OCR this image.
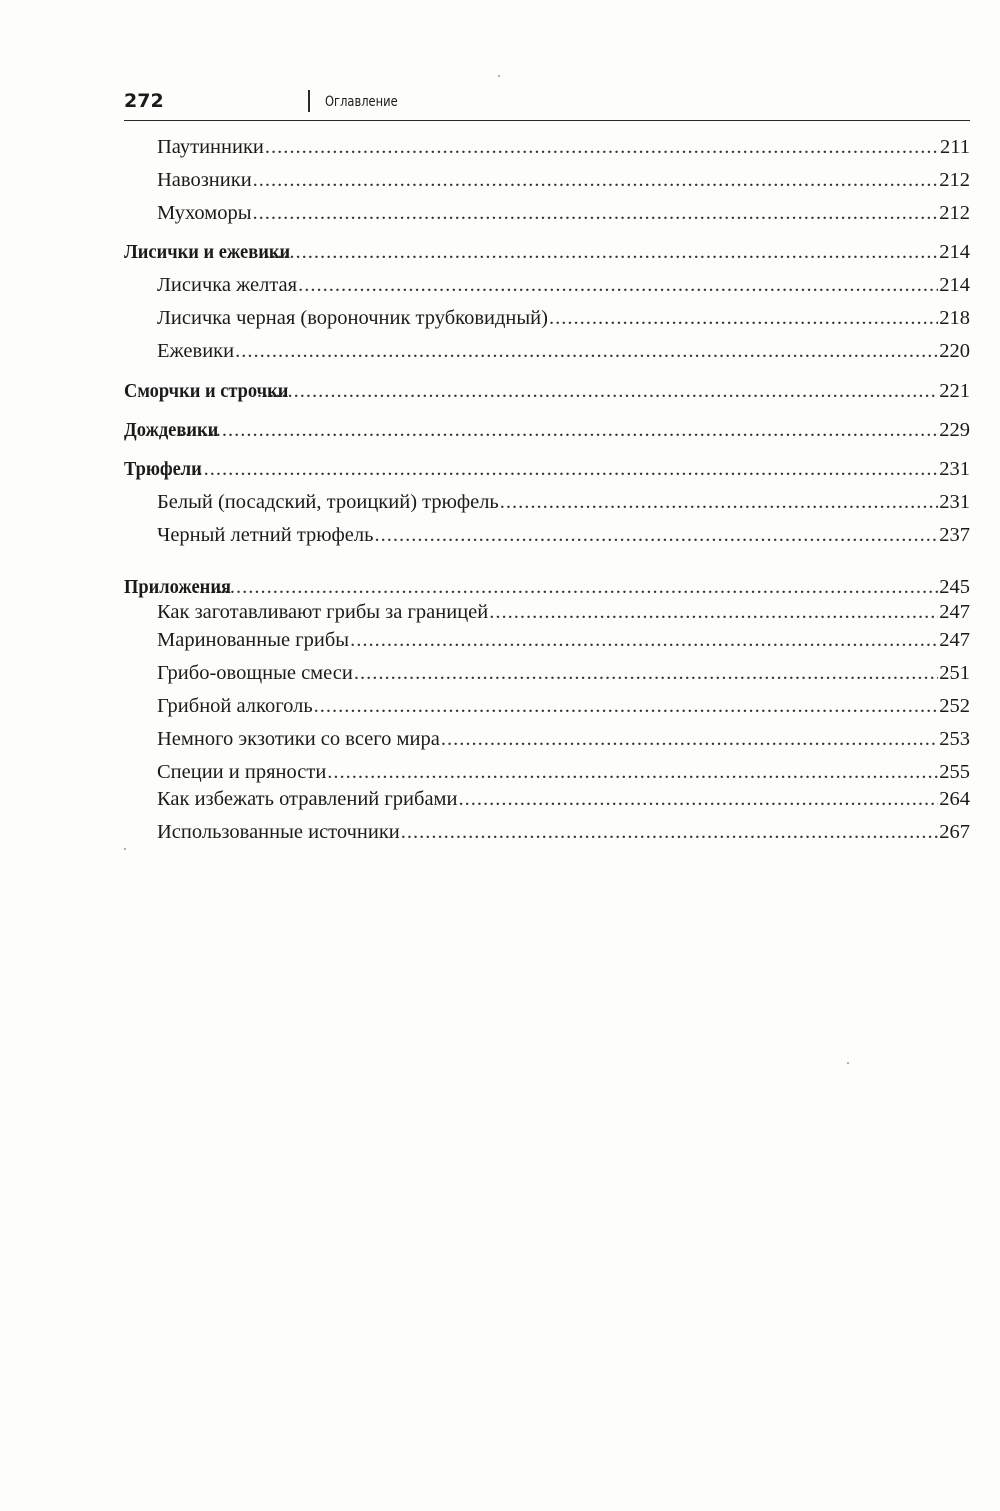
272	Оглавление
Паутинники .....	211
Навозники .....	212
Мухоморы .....	212
Лисички и ежевики .....	214
Лисичка желтая .....	214
Лисичка черная (вороночник трубковидный) .....	218
Ежевики .....	220
Сморчки и строчки .....	221
Дождевики .....	229
Трюфели .....	231
Белый (посадский, троицкий) трюфель .....	231
Черный летний трюфель .....	237
Приложения .....	245
Как заготавливают грибы за границей .....	247
Маринованные грибы .....	247
Грибо-овощные смеси .....	251
Грибной алкоголь .....	252
Немного экзотики со всего мира .....	253
Специи и пряности .....	255
Как избежать отравлений грибами .....	264
Использованные источники .....	267
